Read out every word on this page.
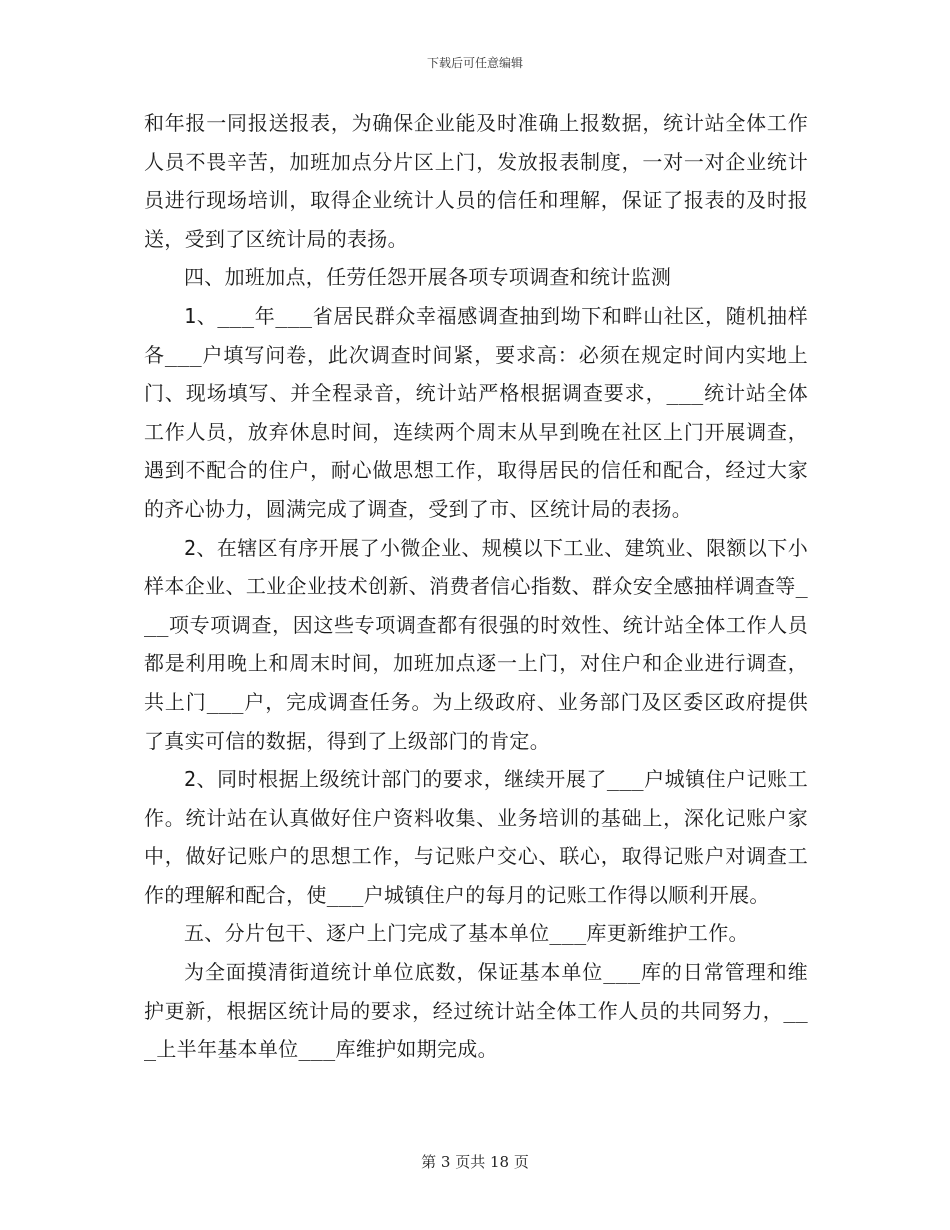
下载后可任意编辑

和年报一同报送报表，为确保企业能及时准确上报数据，统计站全体工作人员不畏辛苦，加班加点分片区上门，发放报表制度，一对一对企业统计员进行现场培训，取得企业统计人员的信任和理解，保证了报表的及时报送，受到了区统计局的表扬。

四、加班加点，任劳任怨开展各项专项调查和统计监测

1、___年___省居民群众幸福感调查抽到坳下和畔山社区，随机抽样各___户填写问卷，此次调查时间紧，要求高：必须在规定时间内实地上门、现场填写、并全程录音，统计站严格根据调查要求，___统计站全体工作人员，放弃休息时间，连续两个周末从早到晚在社区上门开展调查，遇到不配合的住户，耐心做思想工作，取得居民的信任和配合，经过大家的齐心协力，圆满完成了调查，受到了市、区统计局的表扬。

2、在辖区有序开展了小微企业、规模以下工业、建筑业、限额以下小样本企业、工业企业技术创新、消费者信心指数、群众安全感抽样调查等___项专项调查，因这些专项调查都有很强的时效性、统计站全体工作人员都是利用晚上和周末时间，加班加点逐一上门，对住户和企业进行调查，共上门___户，完成调查任务。为上级政府、业务部门及区委区政府提供了真实可信的数据，得到了上级部门的肯定。

2、同时根据上级统计部门的要求，继续开展了___户城镇住户记账工作。统计站在认真做好住户资料收集、业务培训的基础上，深化记账户家中，做好记账户的思想工作，与记账户交心、联心，取得记账户对调查工作的理解和配合，使___户城镇住户的每月的记账工作得以顺利开展。

五、分片包干、逐户上门完成了基本单位___库更新维护工作。

为全面摸清街道统计单位底数，保证基本单位___库的日常管理和维护更新，根据区统计局的要求，经过统计站全体工作人员的共同努力，___上半年基本单位___库维护如期完成。

第 3 页共 18 页
